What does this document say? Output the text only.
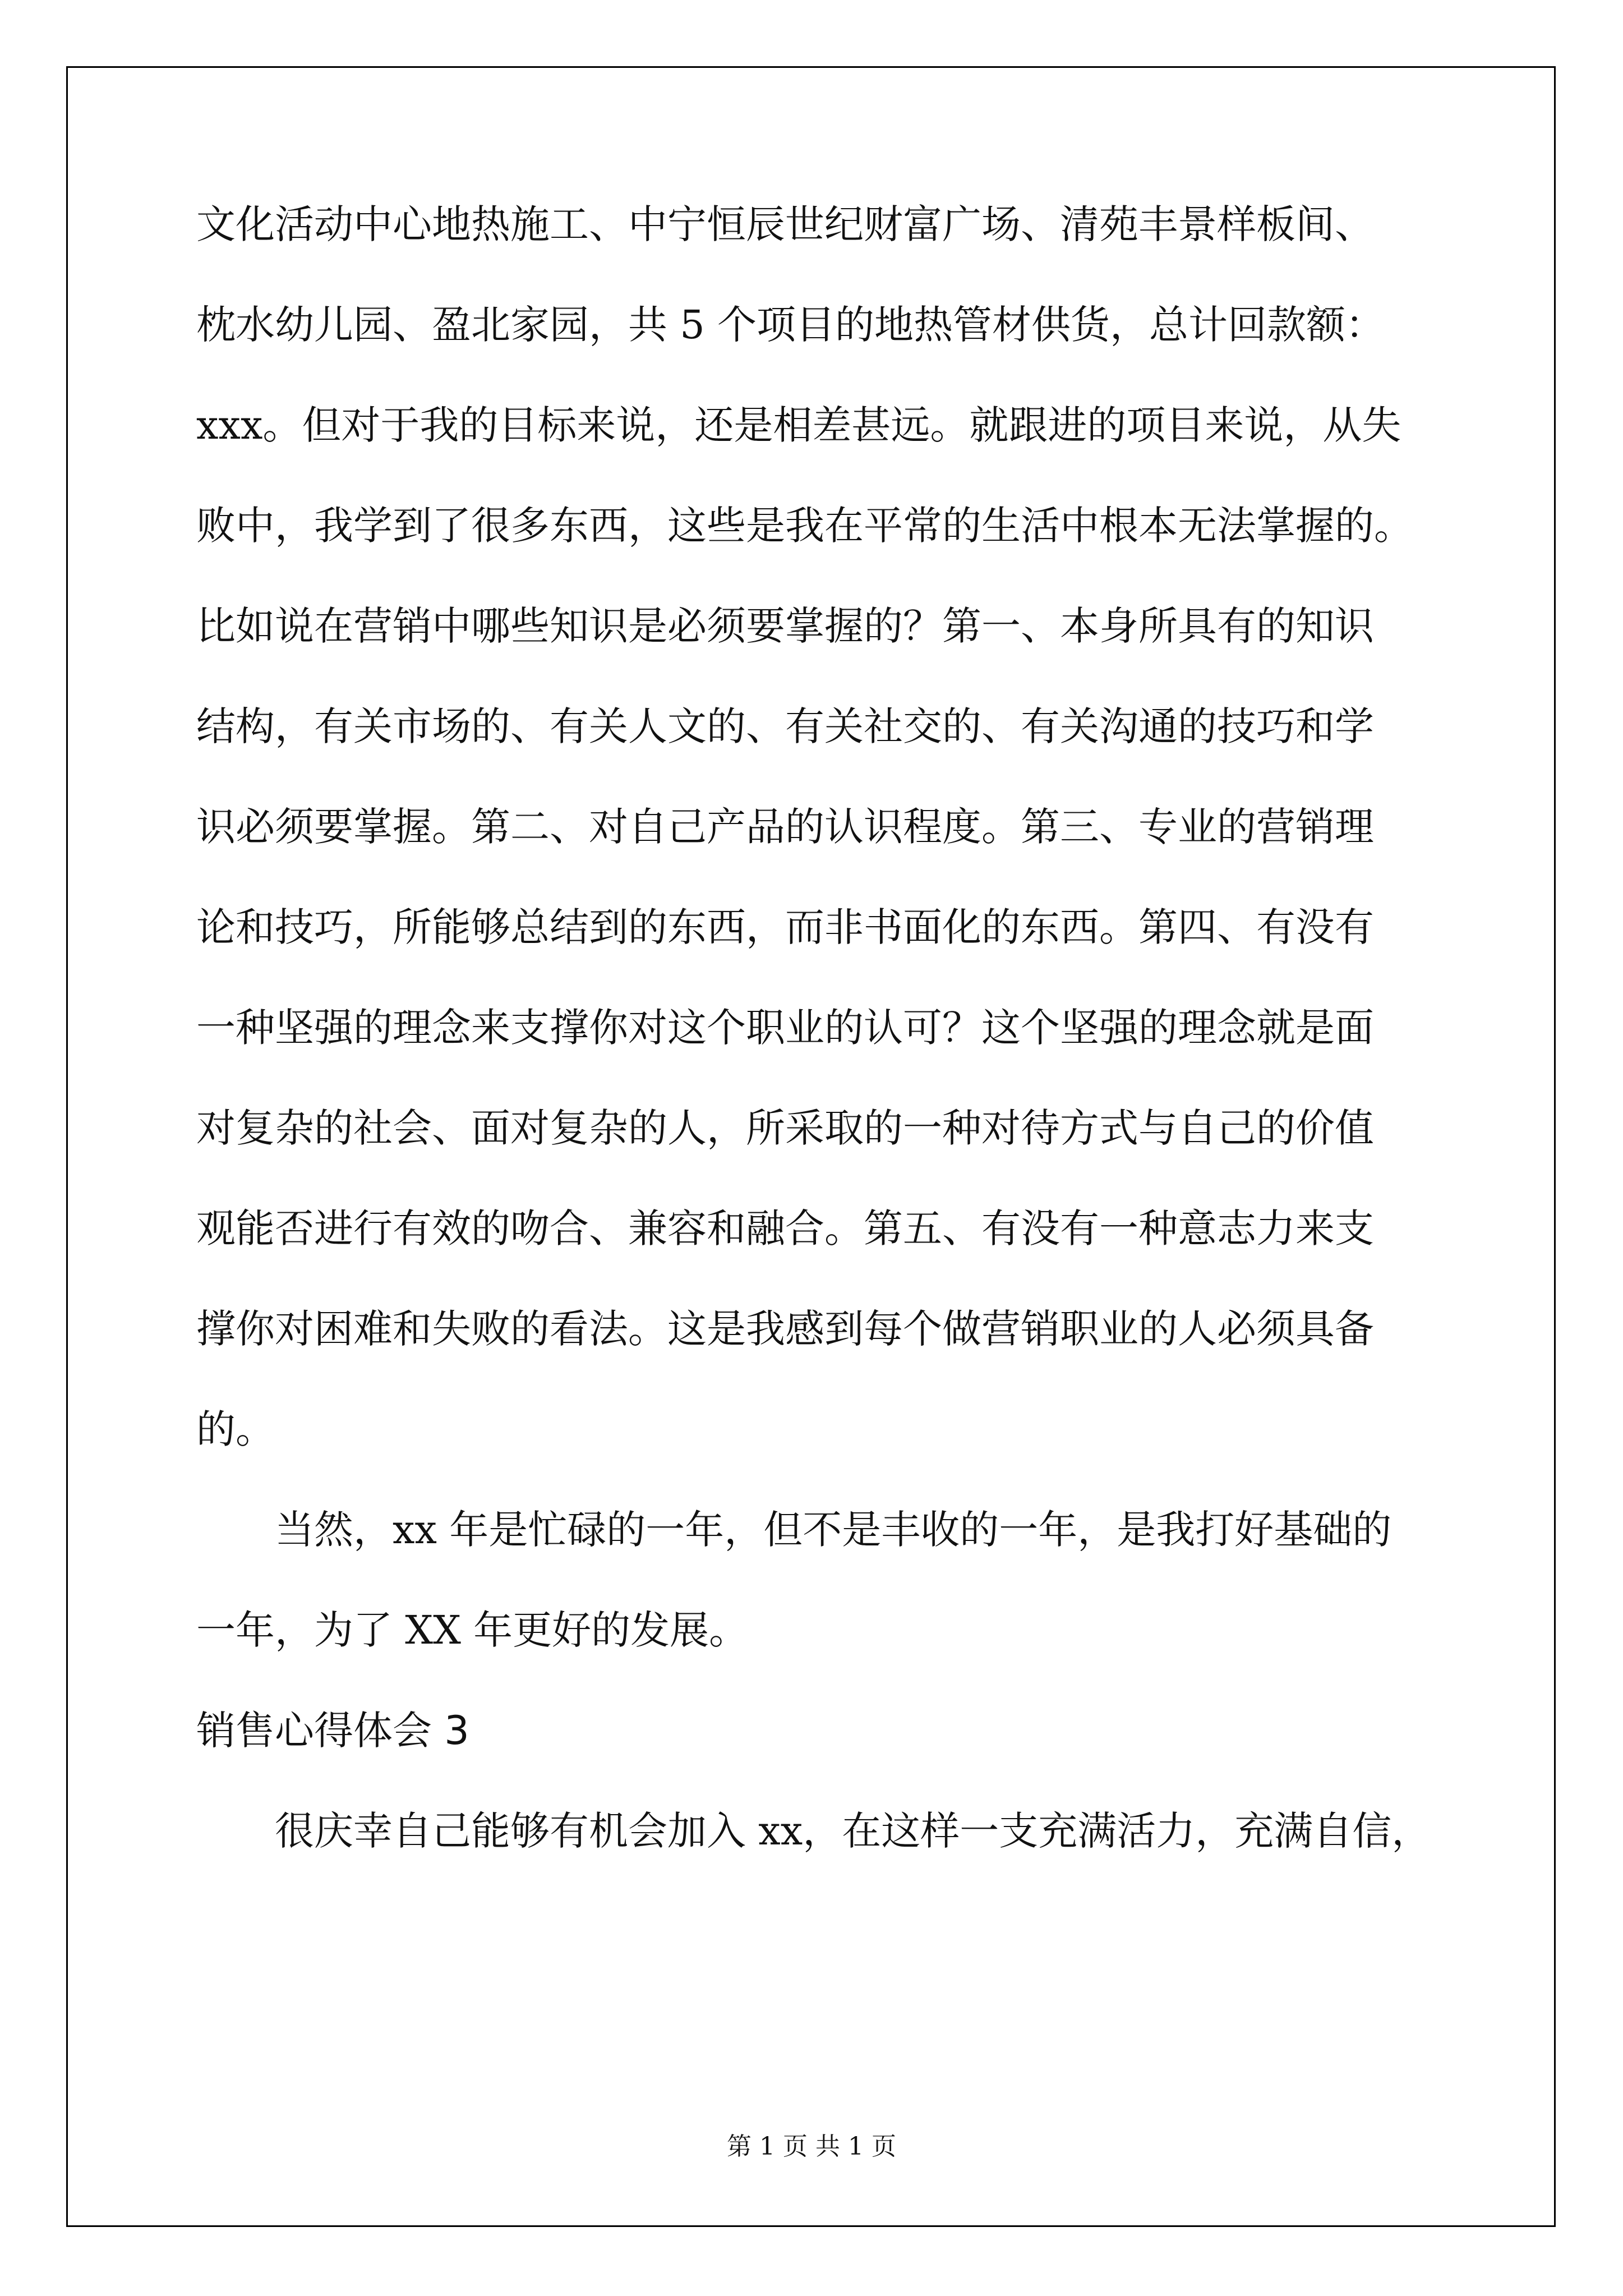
文化活动中心地热施工、中宁恒辰世纪财富广场、清苑丰景样板间、
枕水幼儿园、盈北家园，共 5 个项目的地热管材供货，总计回款额：
xxx。但对于我的目标来说，还是相差甚远。就跟进的项目来说，从失
败中，我学到了很多东西，这些是我在平常的生活中根本无法掌握的。
比如说在营销中哪些知识是必须要掌握的？第一、本身所具有的知识
结构，有关市场的、有关人文的、有关社交的、有关沟通的技巧和学
识必须要掌握。第二、对自己产品的认识程度。第三、专业的营销理
论和技巧，所能够总结到的东西，而非书面化的东西。第四、有没有
一种坚强的理念来支撑你对这个职业的认可？这个坚强的理念就是面
对复杂的社会、面对复杂的人，所采取的一种对待方式与自己的价值
观能否进行有效的吻合、兼容和融合。第五、有没有一种意志力来支
撑你对困难和失败的看法。这是我感到每个做营销职业的人必须具备
的。
当然，xx 年是忙碌的一年，但不是丰收的一年，是我打好基础的
一年，为了 XX 年更好的发展。
销售心得体会 3
很庆幸自己能够有机会加入 xx，在这样一支充满活力，充满自信，
第 1 页 共 1 页
